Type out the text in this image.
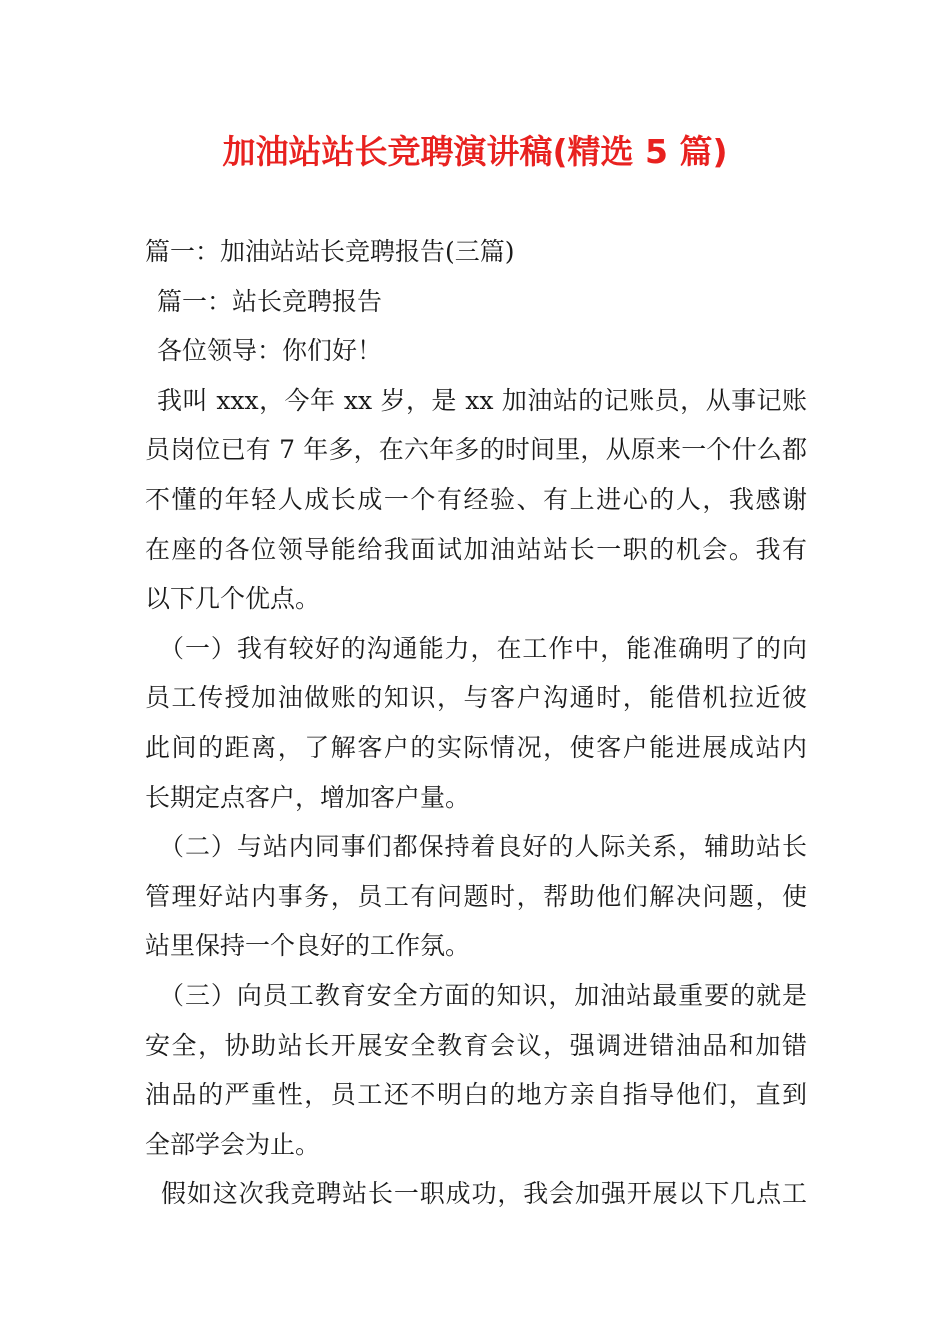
加油站站长竞聘演讲稿(精选 5 篇)
篇一：加油站站长竞聘报告(三篇)
篇一：站长竞聘报告
各位领导：你们好！
我叫 xxx，今年 xx 岁，是 xx 加油站的记账员，从事记账
员岗位已有 7 年多，在六年多的时间里，从原来一个什么都
不懂的年轻人成长成一个有经验、有上进心的人，我感谢
在座的各位领导能给我面试加油站站长一职的机会。我有
以下几个优点。
（一）我有较好的沟通能力，在工作中，能准确明了的向
员工传授加油做账的知识，与客户沟通时，能借机拉近彼
此间的距离，了解客户的实际情况，使客户能进展成站内
长期定点客户，增加客户量。
（二）与站内同事们都保持着良好的人际关系，辅助站长
管理好站内事务，员工有问题时，帮助他们解决问题，使
站里保持一个良好的工作氛。
（三）向员工教育安全方面的知识，加油站最重要的就是
安全，协助站长开展安全教育会议，强调进错油品和加错
油品的严重性，员工还不明白的地方亲自指导他们，直到
全部学会为止。
假如这次我竞聘站长一职成功，我会加强开展以下几点工
